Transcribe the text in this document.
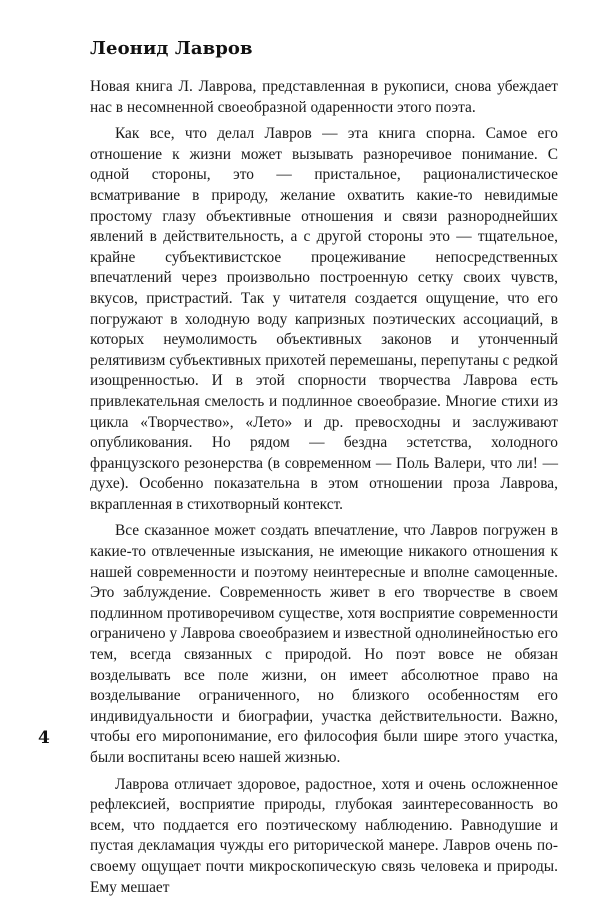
Леонид Лавров

Новая книга Л. Лаврова, представленная в рукописи, снова убеждает нас в несомненной своеобразной одаренности этого поэта.

Как все, что делал Лавров — эта книга спорна. Самое его отношение к жизни может вызывать разноречивое понимание. С одной стороны, это — пристальное, рационалистическое всматривание в природу, желание охватить какие-то невидимые простому глазу объективные отношения и связи разнороднейших явлений в действительность, а с другой стороны это — тщательное, крайне субъективистское процеживание непосредственных впечатлений через произвольно построенную сетку своих чувств, вкусов, пристрастий. Так у читателя создается ощущение, что его погружают в холодную воду капризных поэтических ассоциаций, в которых неумолимость объективных законов и утонченный релятивизм субъективных прихотей перемешаны, перепутаны с редкой изощренностью. И в этой спорности творчества Лаврова есть привлекательная смелость и подлинное своеобразие. Многие стихи из цикла «Творчество», «Лето» и др. превосходны и заслуживают опубликования. Но рядом — бездна эстетства, холодного французского резонерства (в современном — Поль Валери, что ли! — духе). Особенно показательна в этом отношении проза Лаврова, вкрапленная в стихотворный контекст.

Все сказанное может создать впечатление, что Лавров погружен в какие-то отвлеченные изыскания, не имеющие никакого отношения к нашей современности и поэтому неинтересные и вполне самоценные. Это заблуждение. Современность живет в его творчестве в своем подлинном противоречивом существе, хотя восприятие современности ограничено у Лаврова своеобразием и известной однолинейностью его тем, всегда связанных с природой. Но поэт вовсе не обязан возделывать все поле жизни, он имеет абсолютное право на возделывание ограниченного, но близкого особенностям его индивидуальности и биографии, участка действительности. Важно, чтобы его миропонимание, его философия были шире этого участка, были воспитаны всею нашей жизнью.

Лаврова отличает здоровое, радостное, хотя и очень осложненное рефлексией, восприятие природы, глубокая заинтересованность во всем, что поддается его поэтическому наблюдению. Равнодушие и пустая декламация чужды его риторической манере. Лавров очень по-своему ощущает почти микроскопическую связь человека и природы. Ему мешает

4
